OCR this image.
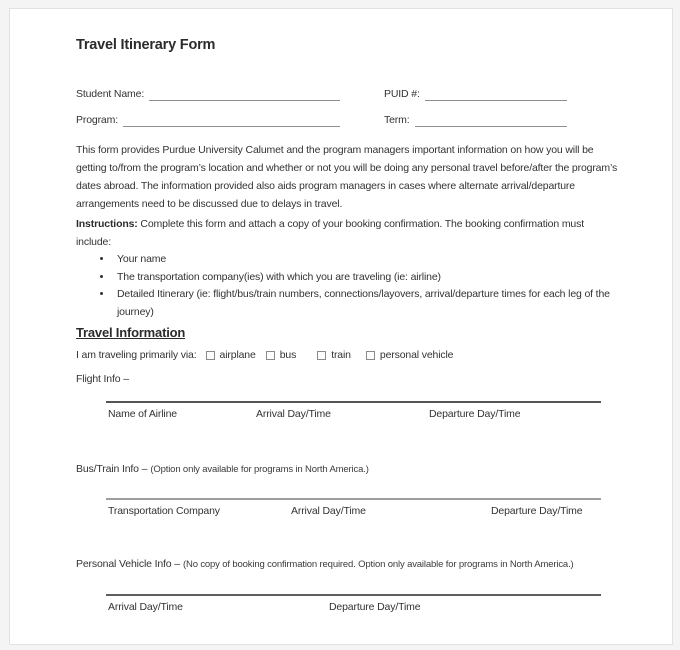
Travel Itinerary Form
Student Name:	PUID #:
Program:	Term:

This form provides Purdue University Calumet and the program managers important information on how you will be getting to/from the program’s location and whether or not you will be doing any personal travel before/after the program’s dates abroad. The information provided also aids program managers in cases where alternate arrival/departure arrangements need to be discussed due to delays in travel.

Instructions: Complete this form and attach a copy of your booking confirmation. The booking confirmation must include:

• Your name
• The transportation company(ies) with which you are traveling (ie: airline)
• Detailed Itinerary (ie: flight/bus/train numbers, connections/layovers, arrival/departure times for each leg of the journey)
Travel Information
I am traveling primarily via: airplane bus	train	personal vehicle
Flight Info –
Name of Airline	Arrival Day/Time	Departure Day/Time
Bus/Train Info – (Option only available for programs in North America.)
Transportation Company	Arrival Day/Time	Departure Day/Time
Personal Vehicle Info – (No copy of booking confirmation required. Option only available for programs in North America.)
Arrival Day/Time	Departure Day/Time
